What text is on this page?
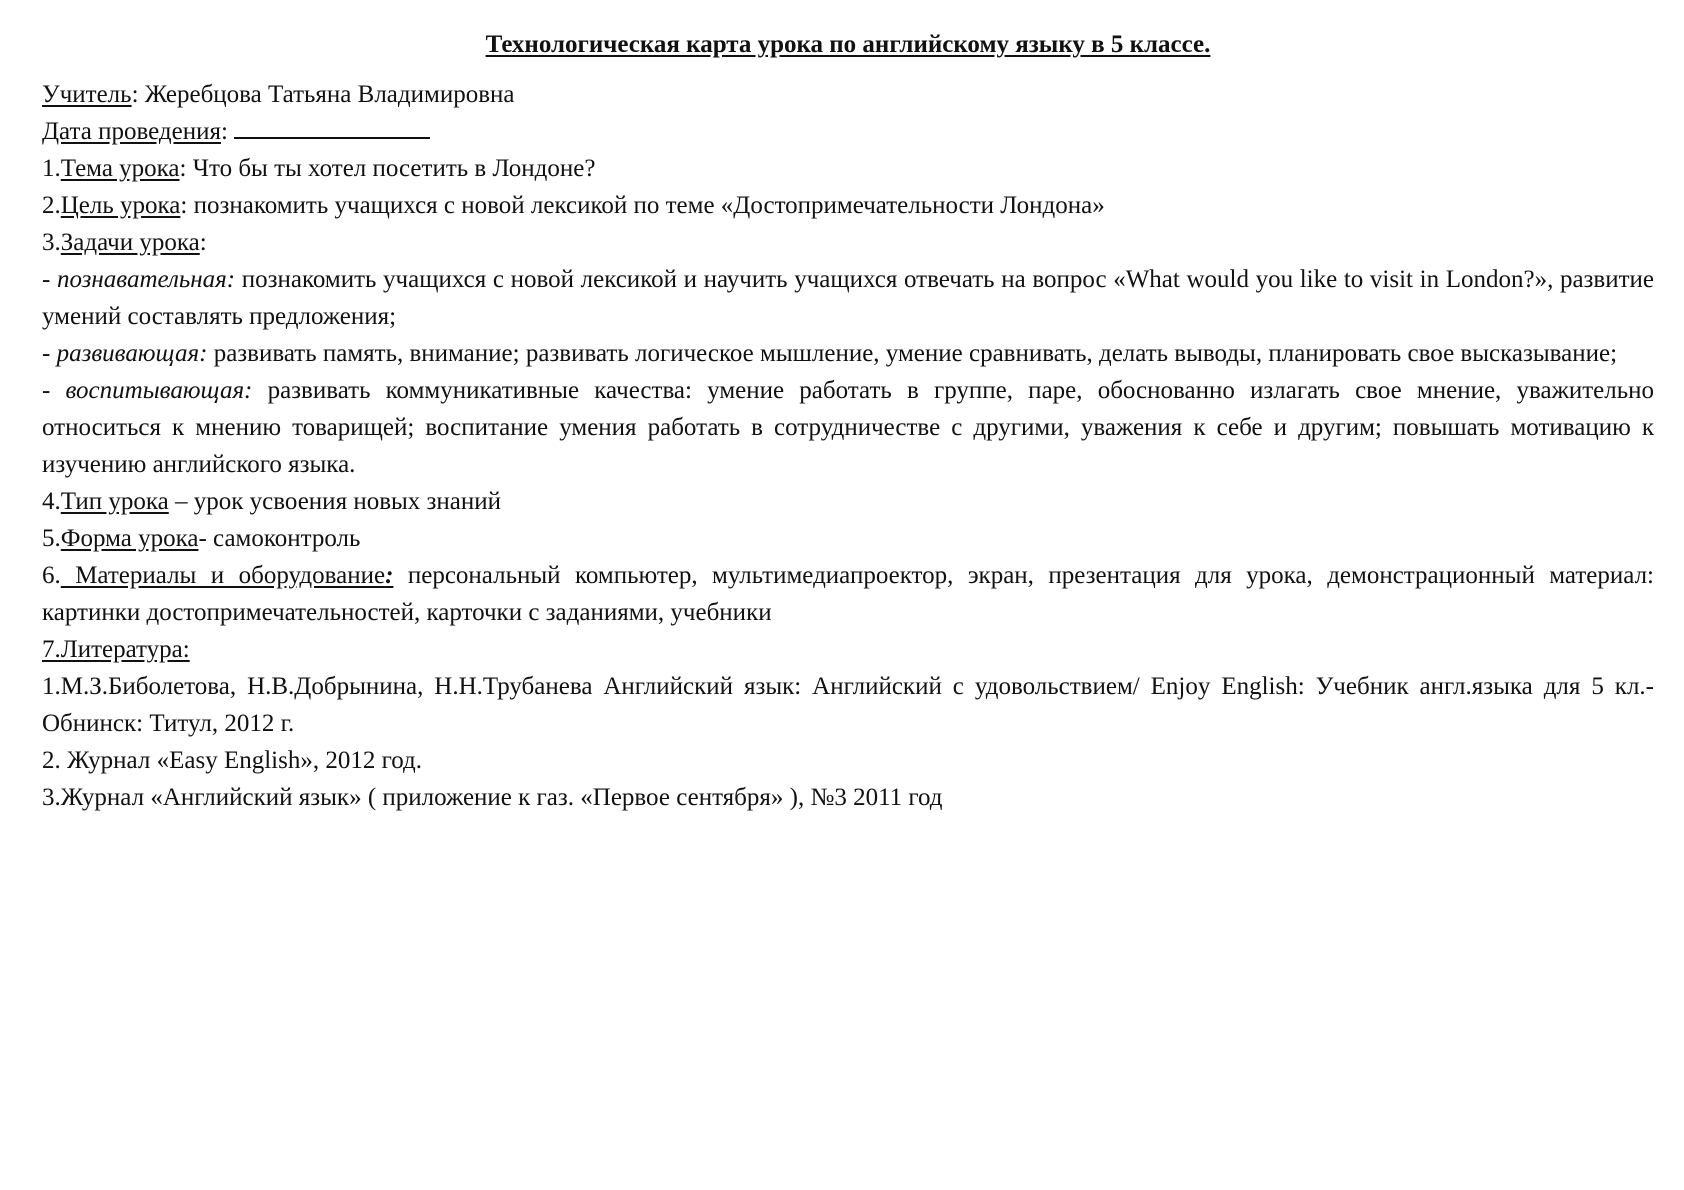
Технологическая карта урока по английскому языку в 5 классе.

Учитель: Жеребцова Татьяна Владимировна

Дата проведения:

1.Тема урока: Что бы ты хотел посетить в Лондоне?

2.Цель урока: познакомить учащихся с новой лексикой по теме «Достопримечательности Лондона»

3.Задачи урока:

- познавательная: познакомить учащихся с новой лексикой и научить учащихся отвечать на вопрос «What would you like to visit in London?», развитие умений составлять предложения;

- развивающая: развивать память, внимание; развивать логическое мышление, умение сравнивать, делать выводы, планировать свое высказывание;

- воспитывающая: развивать коммуникативные качества: умение работать в группе, паре, обоснованно излагать свое мнение, уважительно относиться к мнению товарищей; воспитание умения работать в сотрудничестве с другими, уважения к себе и другим; повышать мотивацию к изучению английского языка.

4.Тип урока – урок усвоения новых знаний

5.Форма урока- самоконтроль

6. Материалы и оборудование: персональный компьютер, мультимедиапроектор, экран, презентация для урока, демонстрационный материал: картинки достопримечательностей, карточки с заданиями, учебники

7.Литература:

1.М.З.Биболетова, Н.В.Добрынина, Н.Н.Трубанева Английский язык: Английский с удовольствием/ Enjoy English: Учебник англ.языка для 5 кл.-Обнинск: Титул, 2012 г.

2. Журнал «Easy English», 2012 год.

3.Журнал «Английский язык» ( приложение к газ. «Первое сентября» ), №3 2011 год
